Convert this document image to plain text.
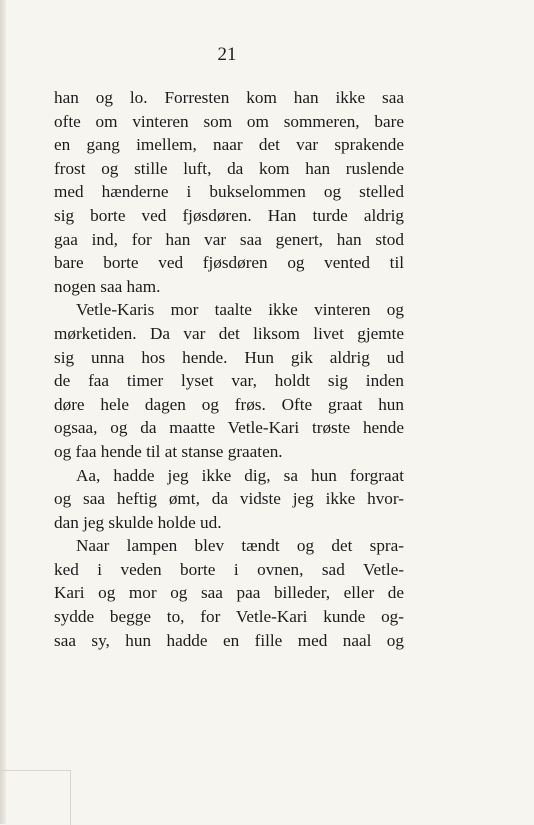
21
han og lo. Forresten kom han ikke saa
ofte om vinteren som om sommeren, bare
en gang imellem, naar det var sprakende
frost og stille luft, da kom han ruslende
med hænderne i bukselommen og stelled
sig borte ved fjøsdøren. Han turde aldrig
gaa ind, for han var saa genert, han stod
bare borte ved fjøsdøren og vented til
nogen saa ham.
Vetle-Karis mor taalte ikke vinteren og
mørketiden. Da var det liksom livet gjemte
sig unna hos hende. Hun gik aldrig ud
de faa timer lyset var, holdt sig inden
døre hele dagen og frøs. Ofte graat hun
ogsaa, og da maatte Vetle-Kari trøste hende
og faa hende til at stanse graaten.
Aa, hadde jeg ikke dig, sa hun forgraat
og saa heftig ømt, da vidste jeg ikke hvor-
dan jeg skulde holde ud.
Naar lampen blev tændt og det spra-
ked i veden borte i ovnen, sad Vetle-
Kari og mor og saa paa billeder, eller de
sydde begge to, for Vetle-Kari kunde og-
saa sy, hun hadde en fille med naal og
